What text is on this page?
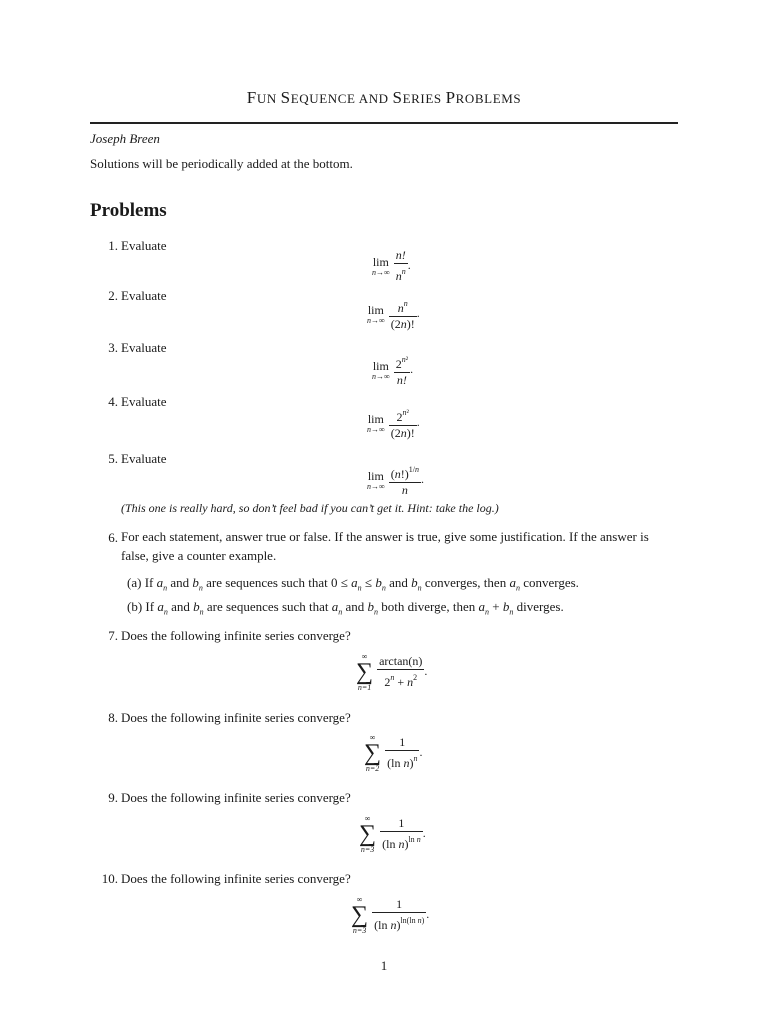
FUN SEQUENCE AND SERIES PROBLEMS
Joseph Breen
Solutions will be periodically added at the bottom.
Problems
1. Evaluate
lim
$n\to\infty \frac{n!}{n^n}$ .
2. Evaluate
lim
$n\to\infty \frac{n^n}{(2n)!}$ .
3. Evaluate
lim
$n\to\infty \frac{2^{n^2}}{n!}$ .
4. Evaluate
lim
$n\to\infty \frac{2^{n^2}}{(2n)!}$ .
5. Evaluate
lim
$n\to\infty \frac{(n!)^{1/n}}{n}$ .
(This one is really hard, so don’t feel bad if you can’t get it. Hint: take the log.)
6. For each statement, answer true or false. If the answer is true, give some justification. If the answer is
false, give a counter example.
(a) If $a_n$ and $b_n$ are sequences such that $0 \le a_n \le b_n$ and $b_n$ converges, then $a_n$ converges.
(b) If $a_n$ and $b_n$ are sequences such that $a_n$ and $b_n$ both diverge, then $a_n + b_n$ diverges.
7. Does the following infinite series converge?
∞
∑
$n=1 \frac{\arctan(n)}{2^n + n^2}$ .
8. Does the following infinite series converge?
∞
∑
$n=2 \frac{1}{(\ln n)^n}$ .
9. Does the following infinite series converge?
∞
∑
$n=3 \frac{1}{(\ln n)^{ln n}}$ .
10. Does the following infinite series converge?
∞
∑
$n=3 \frac{1}{(\ln n)^{ln(ln n)}}$ .
1
